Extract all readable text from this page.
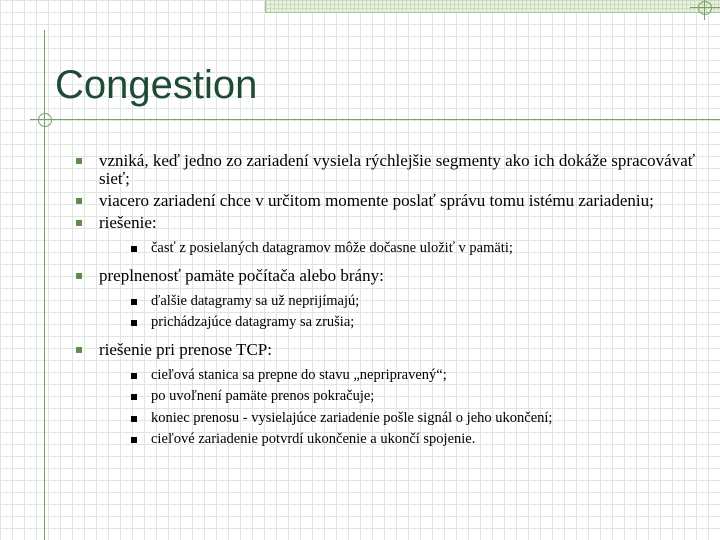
Congestion
▪ vzniká, keď jedno zo zariadení vysiela rýchlejšie segmenty ako ich dokáže spracovávať sieť;
▪ viacero zariadení chce v určitom momente poslať správu tomu istému zariadeniu;
▪ riešenie:
časť z posielaných datagramov môže dočasne uložiť v pamäti;
▪ preplnenosť pamäte počítača alebo brány:
ďalšie datagramy sa už neprijímajú;
prichádzajúce datagramy sa zrušia;
▪ riešenie pri prenose TCP:
cieľová stanica sa prepne do stavu „nepripravený“;
po uvoľnení pamäte prenos pokračuje;
koniec prenosu - vysielajúce zariadenie pošle signál o jeho ukončení;
cieľové zariadenie potvrdí ukončenie a ukončí spojenie.
